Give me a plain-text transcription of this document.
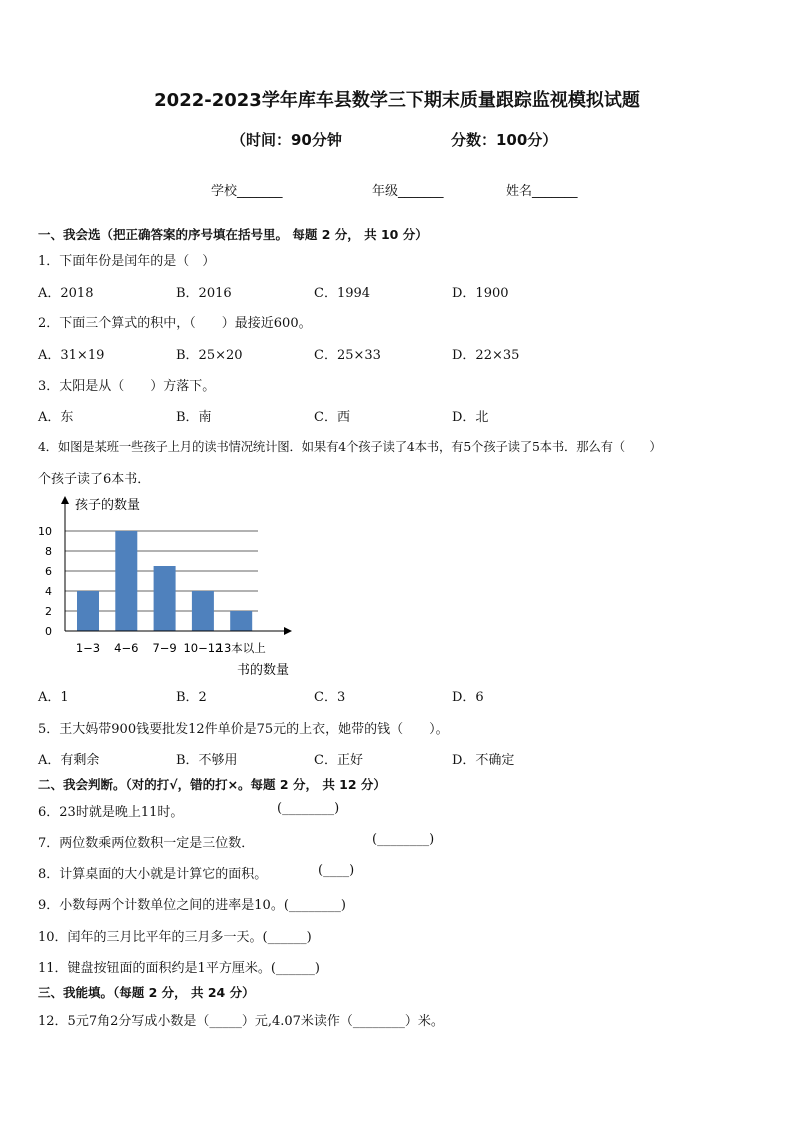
2022-2023学年库车县数学三下期末质量跟踪监视模拟试题
（时间：90分钟	分数：100分）
学校_______	年级_______	姓名_______
一、我会选（把正确答案的序号填在括号里。 每题 2 分， 共 10 分）
1．下面年份是闰年的是（　）
A．2018	B．2016	C．1994	D．1900
2．下面三个算式的积中，（　　）最接近600。
A．31×19	B．25×20	C．25×33	D．22×35
3．太阳是从（　　）方落下。
A．东	B．南	C．西	D．北
4．如图是某班一些孩子上月的读书情况统计图．如果有4个孩子读了4本书，有5个孩子读了5本书．那么有（　　）
个孩子读了6本书．
0
2
4
6
8
10
1−3 4−6 7−9 10−12
13本以上
孩子的数量
书的数量
A．1	B．2	C．3	D．6
5．王大妈带900钱要批发12件单价是75元的上衣，她带的钱（　　）。
A．有剩余	B．不够用	C．正好	D．不确定
二、我会判断。（对的打√，错的打×。每题 2 分， 共 12 分）
6．23时就是晚上11时。	(________)
7．两位数乘两位数积一定是三位数．	(________)
8．计算桌面的大小就是计算它的面积。	(____)
9．小数每两个计数单位之间的进率是10。(________)
10．闰年的三月比平年的三月多一天。(______)
11．键盘按钮面的面积约是1平方厘米。(______)
三、我能填。（每题 2 分， 共 24 分）
12．5元7角2分写成小数是（_____）元,4.07米读作（________）米。
